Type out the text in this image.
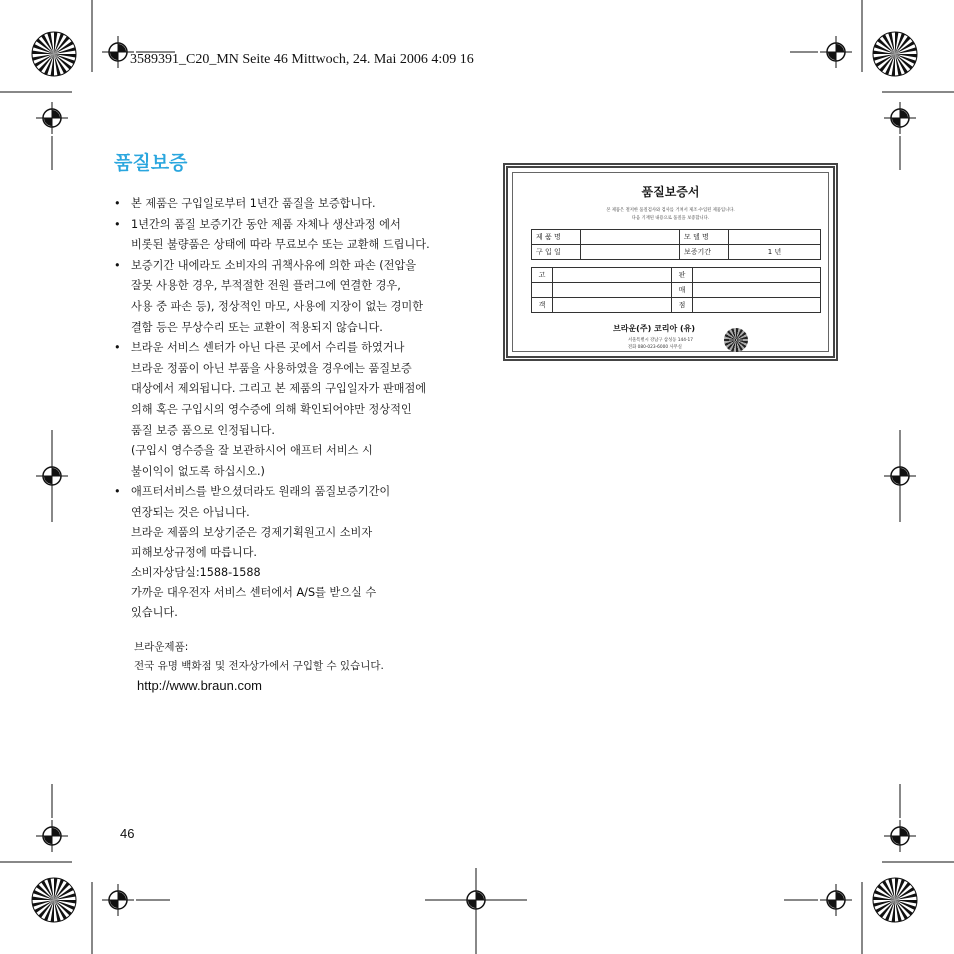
3589391_C20_MN Seite 46 Mittwoch, 24. Mai 2006 4:09 16
품질보증
• 본 제품은 구입일로부터 1년간 품질을 보증합니다.
• 1년간의 품질 보증기간 동안 제품 자체나 생산과정 에서
비롯된 불량품은 상태에 따라 무료보수 또는 교환해 드립니다.
• 보증기간 내에라도 소비자의 귀책사유에 의한 파손 (전압을
잘못 사용한 경우, 부적절한 전원 플러그에 연결한 경우,
사용 중 파손 등), 정상적인 마모, 사용에 지장이 없는 경미한
결함 등은 무상수리 또는 교환이 적용되지 않습니다.
• 브라운 서비스 센터가 아닌 다른 곳에서 수리를 하였거나
브라운 정품이 아닌 부품을 사용하였을 경우에는 품질보증
대상에서 제외됩니다. 그리고 본 제품의 구입일자가 판매점에
의해 혹은 구입시의 영수증에 의해 확인되어야만 정상적인
품질 보증 품으로 인정됩니다.
(구입시 영수증을 잘 보관하시어 애프터 서비스 시
불이익이 없도록 하십시오.)
• 애프터서비스를 받으셨더라도 원래의 품질보증기간이
연장되는 것은 아닙니다.
브라운 제품의 보상기준은 경제기획원고시 소비자
피해보상규정에 따릅니다.
소비자상담실:1588-1588
가까운 대우전자 서비스 센터에서 A/S를 받으실 수
있습니다.
브라운제품:
전국 유명 백화점 및 전자상가에서 구입할 수 있습니다.
http://www.braun.com
46
품질보증서
본 제품은 철저한 품질검사와 검사를 거쳐서 제조·수입된 제품입니다.
다음 기재된 내용으로 품질을 보증합니다.
제 품 명		모 델 명	
구 입 일		보증기간	1 년
고		판	
		매	
객		점	
브라운(주) 코리아 (유)
서울특별시 강남구 삼성동 144-17
전화 080-023-6000 사무실
